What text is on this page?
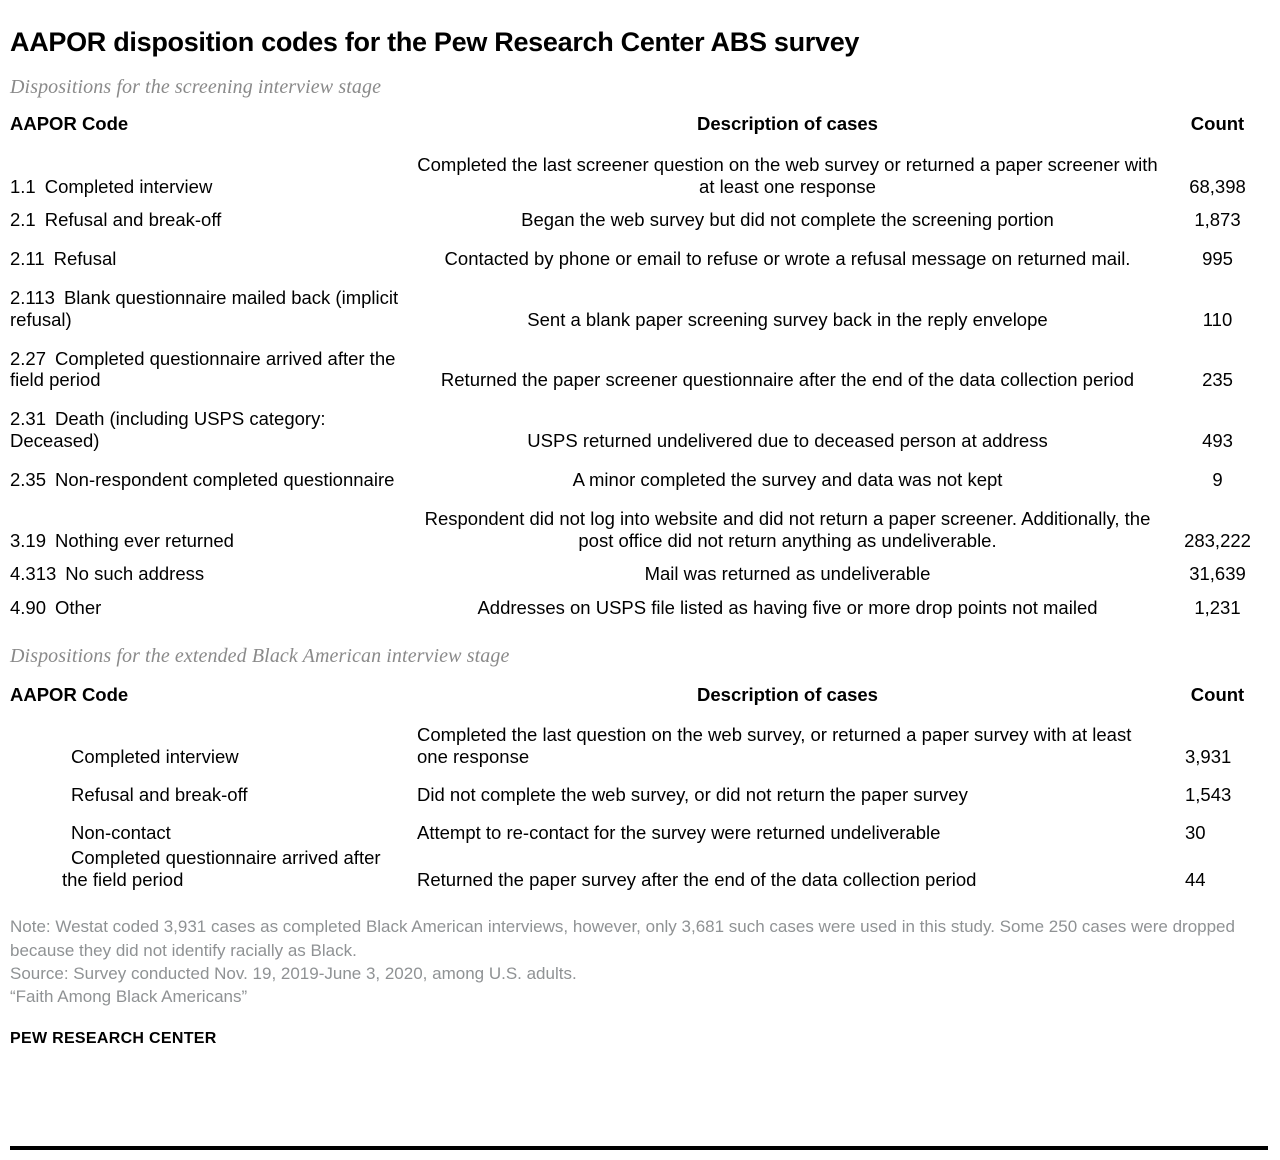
AAPOR disposition codes for the Pew Research Center ABS survey

Dispositions for the screening interview stage

AAPOR Code	Description of cases	Count
1.1 Completed interview	Completed the last screener question on the web survey or returned a paper screener with at least one response	68,398
2.1 Refusal and break-off	Began the web survey but did not complete the screening portion	1,873
2.11 Refusal	Contacted by phone or email to refuse or wrote a refusal message on returned mail.	995
2.113 Blank questionnaire mailed back (implicit refusal)	Sent a blank paper screening survey back in the reply envelope	110
2.27 Completed questionnaire arrived after the field period	Returned the paper screener questionnaire after the end of the data collection period	235
2.31 Death (including USPS category: Deceased)	USPS returned undelivered due to deceased person at address	493
2.35 Non-respondent completed questionnaire	A minor completed the survey and data was not kept	9
3.19 Nothing ever returned	Respondent did not log into website and did not return a paper screener. Additionally, the post office did not return anything as undeliverable.	283,222
4.313 No such address	Mail was returned as undeliverable	31,639
4.90 Other	Addresses on USPS file listed as having five or more drop points not mailed	1,231

Dispositions for the extended Black American interview stage

AAPOR Code	Description of cases	Count
Completed interview	Completed the last question on the web survey, or returned a paper survey with at least one response	3,931
Refusal and break-off	Did not complete the web survey, or did not return the paper survey	1,543
Non-contact	Attempt to re-contact for the survey were returned undeliverable	30
Completed questionnaire arrived after the field period	Returned the paper survey after the end of the data collection period	44

Note: Westat coded 3,931 cases as completed Black American interviews, however, only 3,681 such cases were used in this study. Some 250 cases were dropped because they did not identify racially as Black.

Source: Survey conducted Nov. 19, 2019-June 3, 2020, among U.S. adults.

“Faith Among Black Americans”

PEW RESEARCH CENTER
